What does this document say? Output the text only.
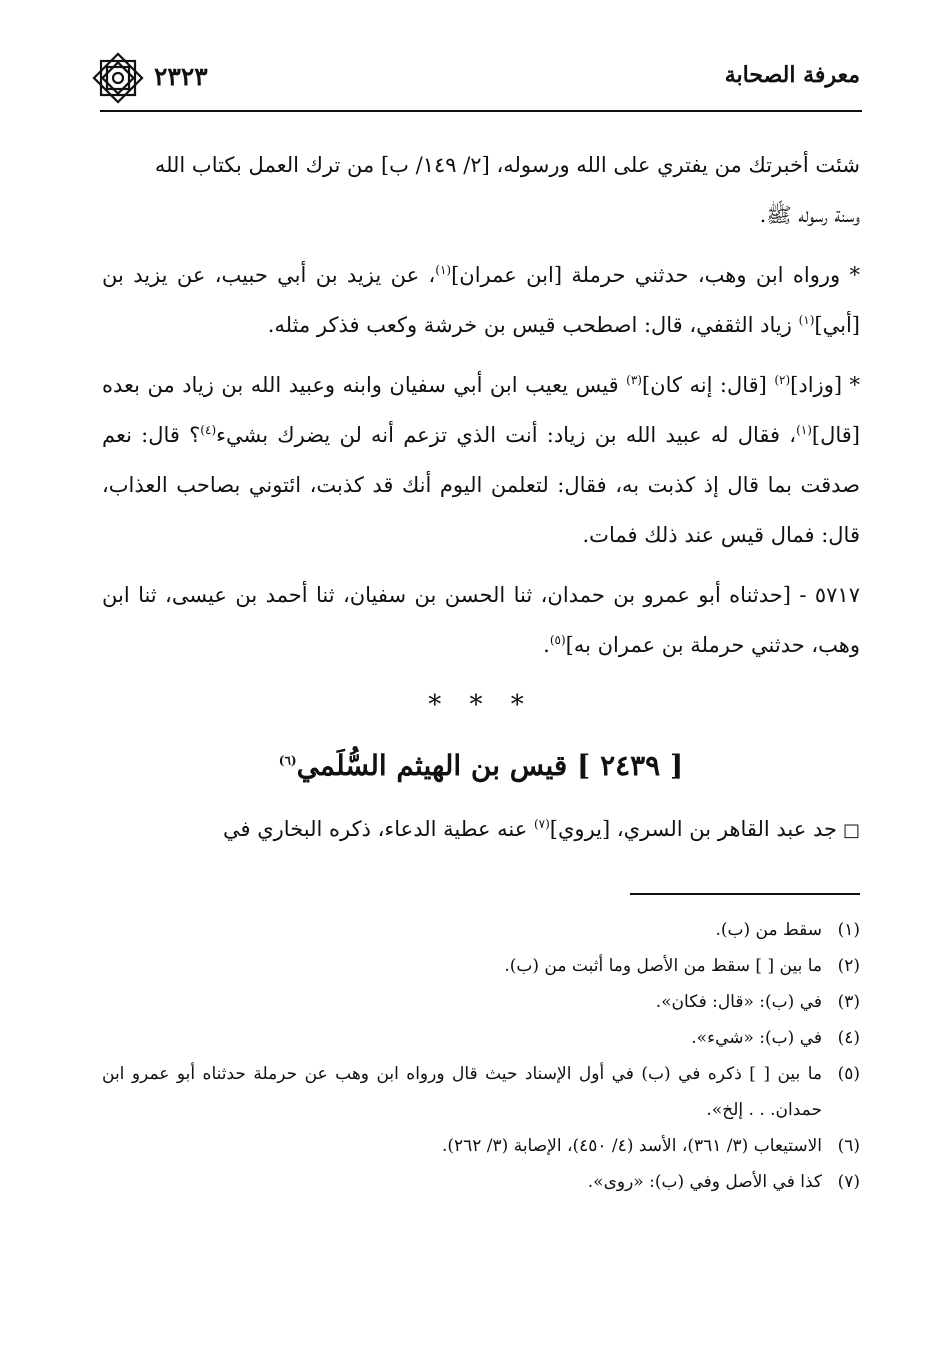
٢٣٢٣	معرفة الصحابة

شئت أخبرتك من يفتري على الله ورسوله، [٢/ ١٤٩/ ب] من ترك العمل بكتاب الله
وسنة رسوله ﷺ.

* ورواه ابن وهب، حدثني حرملة [ابن عمران]$^{(١)}$، عن يزيد بن أبي حبيب، عن يزيد بن [أبي]$^{(١)}$ زياد الثقفي، قال: اصطحب قيس بن خرشة وكعب فذكر مثله.

* [وزاد]$^{(٢)}$ [قال: إنه كان]$^{(٣)}$ قيس يعيب ابن أبي سفيان وابنه وعبيد الله بن زياد من بعده [قال]$^{(١)}$، فقال له عبيد الله بن زياد: أنت الذي تزعم أنه لن يضرك بشيء$^{(٤)}$؟ قال: نعم صدقت بما قال إذ كذبت به، فقال: لتعلمن اليوم أنك قد كذبت، ائتوني بصاحب العذاب، قال: فمال قيس عند ذلك فمات.

٥٧١٧ - [حدثناه أبو عمرو بن حمدان، ثنا الحسن بن سفيان، ثنا أحمد بن عيسى، ثنا ابن وهب، حدثني حرملة بن عمران به]$^{(٥)}$.

* * *
[ ٢٤٣٩ ] قيس بن الهيثم السُّلَمي$^{(٦)}$

□جد عبد القاهر بن السري، [يروي]$^{(٧)}$ عنه عطية الدعاء، ذكره البخاري في

(١)
سقط من (ب).
(٢)
ما بين [ ] سقط من الأصل وما أثبت من (ب).
(٣)
في (ب): «قال: فكان».
(٤)
في (ب): «شيء».
(٥)
ما بين [ ] ذكره في (ب) في أول الإسناد حيث قال ورواه ابن وهب عن حرملة حدثناه أبو عمرو ابن حمدان. . . إلخ».
(٦)
الاستيعاب (٣/ ٣٦١)، الأسد (٤/ ٤٥٠)، الإصابة (٣/ ٢٦٢).
(٧)
كذا في الأصل وفي (ب): «روى».
